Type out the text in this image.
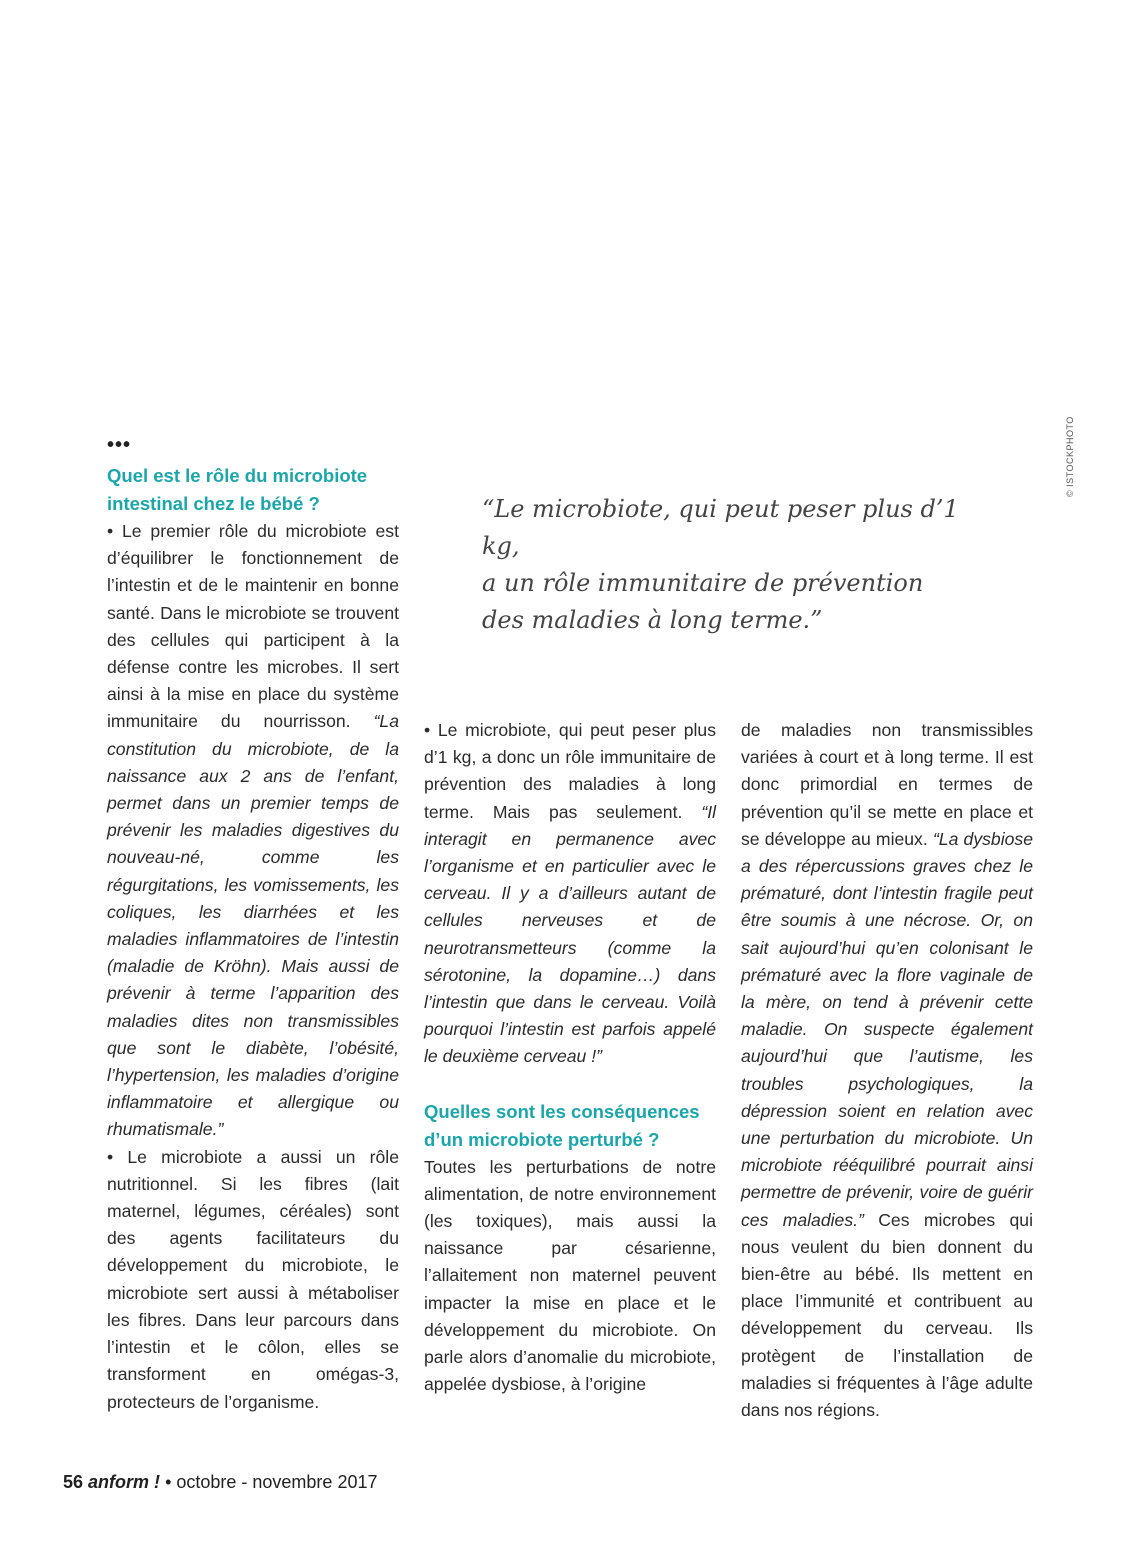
© ISTOCKPHOTO
•••
Quel est le rôle du microbiote intestinal chez le bébé ?

• Le premier rôle du microbiote est d’équilibrer le fonctionnement de l’intestin et de le maintenir en bonne santé. Dans le microbiote se trouvent des cellules qui participent à la défense contre les microbes. Il sert ainsi à la mise en place du système immunitaire du nourrisson. “La constitution du microbiote, de la naissance aux 2 ans de l’enfant, permet dans un premier temps de prévenir les maladies digestives du nouveau-né, comme les régurgitations, les vomissements, les coliques, les diarrhées et les maladies inflammatoires de l’intestin (maladie de Kröhn). Mais aussi de prévenir à terme l’apparition des maladies dites non transmissibles que sont le diabète, l’obésité, l’hypertension, les maladies d’origine inflammatoire et allergique ou rhumatismale.”

• Le microbiote a aussi un rôle nutritionnel. Si les fibres (lait maternel, légumes, céréales) sont des agents facilitateurs du développement du microbiote, le microbiote sert aussi à métaboliser les fibres. Dans leur parcours dans l’intestin et le côlon, elles se transforment en omégas-3, protecteurs de l’organisme.

“Le microbiote, qui peut peser plus d’1 kg,
a un rôle immunitaire de prévention
des maladies à long terme.”

• Le microbiote, qui peut peser plus d’1 kg, a donc un rôle immunitaire de prévention des maladies à long terme. Mais pas seulement. “Il interagit en permanence avec l’organisme et en particulier avec le cerveau. Il y a d’ailleurs autant de cellules nerveuses et de neurotransmetteurs (comme la sérotonine, la dopamine…) dans l’intestin que dans le cerveau. Voilà pourquoi l’intestin est parfois appelé le deuxième cerveau !”

Quelles sont les conséquences d’un microbiote perturbé ?

Toutes les perturbations de notre alimentation, de notre environnement (les toxiques), mais aussi la naissance par césarienne, l’allaitement non maternel peuvent impacter la mise en place et le développement du microbiote. On parle alors d’anomalie du microbiote, appelée dysbiose, à l’origine

de maladies non transmissibles variées à court et à long terme. Il est donc primordial en termes de prévention qu’il se mette en place et se développe au mieux. “La dysbiose a des répercussions graves chez le prématuré, dont l’intestin fragile peut être soumis à une nécrose. Or, on sait aujourd’hui qu’en colonisant le prématuré avec la flore vaginale de la mère, on tend à prévenir cette maladie. On suspecte également aujourd’hui que l’autisme, les troubles psychologiques, la dépression soient en relation avec une perturbation du microbiote. Un microbiote rééquilibré pourrait ainsi permettre de prévenir, voire de guérir ces maladies.” Ces microbes qui nous veulent du bien donnent du bien-être au bébé. Ils mettent en place l’immunité et contribuent au développement du cerveau. Ils protègent de l’installation de maladies si fréquentes à l’âge adulte dans nos régions.

56 anform ! • octobre - novembre 2017
